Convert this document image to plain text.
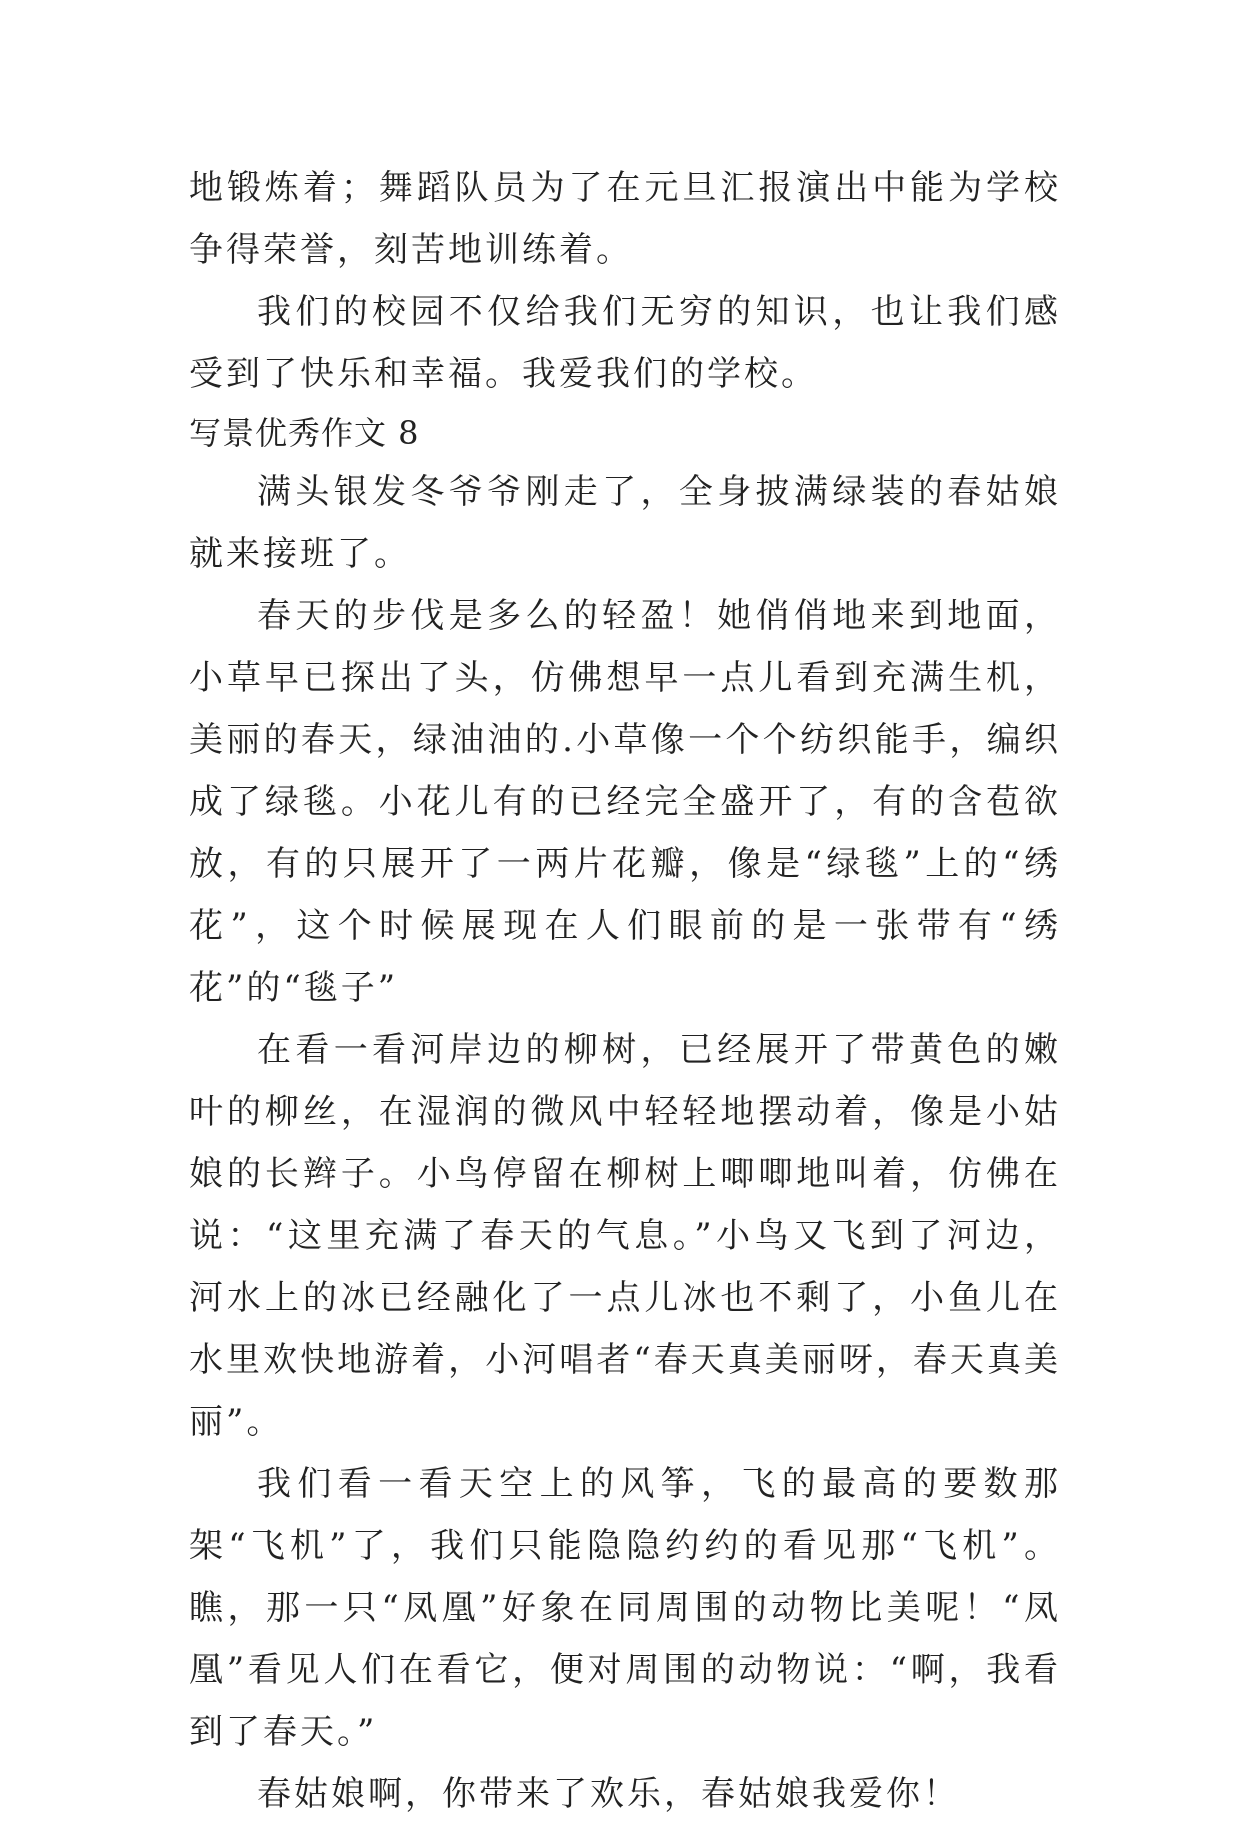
地锻炼着；舞蹈队员为了在元旦汇报演出中能为学校争得荣誉，刻苦地训练着。

我们的校园不仅给我们无穷的知识，也让我们感受到了快乐和幸福。我爱我们的学校。

写景优秀作文 8

满头银发冬爷爷刚走了，全身披满绿装的春姑娘就来接班了。

春天的步伐是多么的轻盈！她俏俏地来到地面，小草早已探出了头，仿佛想早一点儿看到充满生机，美丽的春天，绿油油的.小草像一个个纺织能手，编织成了绿毯。小花儿有的已经完全盛开了，有的含苞欲放，有的只展开了一两片花瓣，像是“绿毯”上的“绣花”，这个时候展现在人们眼前的是一张带有“绣花”的“毯子”

在看一看河岸边的柳树，已经展开了带黄色的嫩叶的柳丝，在湿润的微风中轻轻地摆动着，像是小姑娘的长辫子。小鸟停留在柳树上唧唧地叫着，仿佛在说：“这里充满了春天的气息。”小鸟又飞到了河边，河水上的冰已经融化了一点儿冰也不剩了，小鱼儿在水里欢快地游着，小河唱者“春天真美丽呀，春天真美丽”。

我们看一看天空上的风筝，飞的最高的要数那架“飞机”了，我们只能隐隐约约的看见那“飞机”。瞧，那一只“凤凰”好象在同周围的动物比美呢！“凤凰”看见人们在看它，便对周围的动物说：“啊，我看到了春天。”

春姑娘啊，你带来了欢乐，春姑娘我爱你！
